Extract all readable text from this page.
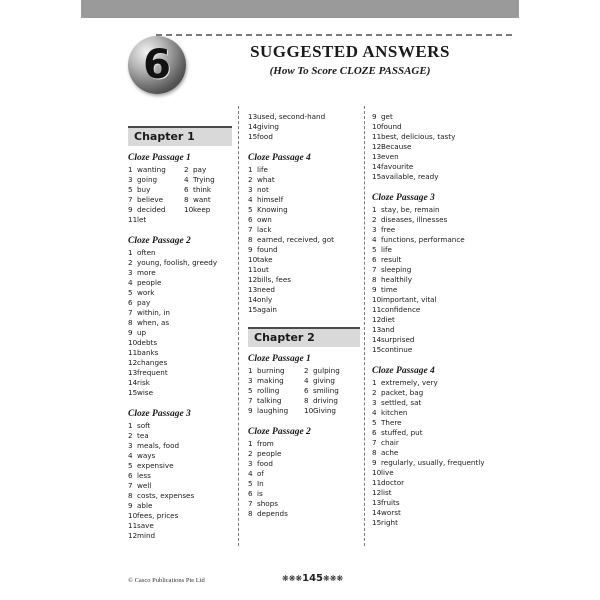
6	SUGGESTED ANSWERS
(How To Score CLOZE PASSAGE)
Chapter 1
Cloze Passage 1
1 wanting	2 pay
3 going	4 Trying
5 buy	6 think
7 believe	8 want
9 decided	10keep
11let
Cloze Passage 2
1 often
2 young, foolish, greedy
3 more
4 people
5 work
6 pay
7 within, in
8 when, as
9 up
10debts
11banks
12changes
13frequent
14risk
15wise
Cloze Passage 3
1 soft
2 tea
3 meals, food
4 ways
5 expensive
6 less
7 well
8 costs, expenses
9 able
10fees, prices
11save
12mind
13used, second-hand
14giving
15food
Cloze Passage 4
1 life
2 what
3 not
4 himself
5 Knowing
6 own
7 lack
8 earned, received, got
9 found
10take
11out
12bills, fees
13need
14only
15again
Chapter 2
Cloze Passage 1
1 burning	2 gulping
3 making	4 giving
5 rolling	6 smiling
7 talking	8 driving
9 laughing	10Giving
Cloze Passage 2
1 from
2 people
3 food
4 of
5 In
6 is
7 shops
8 depends
9 get
10found
11best, delicious, tasty
12Because
13even
14favourite
15available, ready
Cloze Passage 3
1 stay, be, remain
2 diseases, illnesses
3 free
4 functions, performance
5 life
6 result
7 sleeping
8 healthily
9 time
10important, vital
11confidence
12diet
13and
14surprised
15continue
Cloze Passage 4
1 extremely, very
2 packet, bag
3 settled, sat
4 kitchen
5 There
6 stuffed, put
7 chair
8 ache
9 regularly, usually, frequently
10live
11doctor
12list
13fruits
14worst
15right
© Casco Publications Pte Ltd	❋❋❋145❋❋❋
